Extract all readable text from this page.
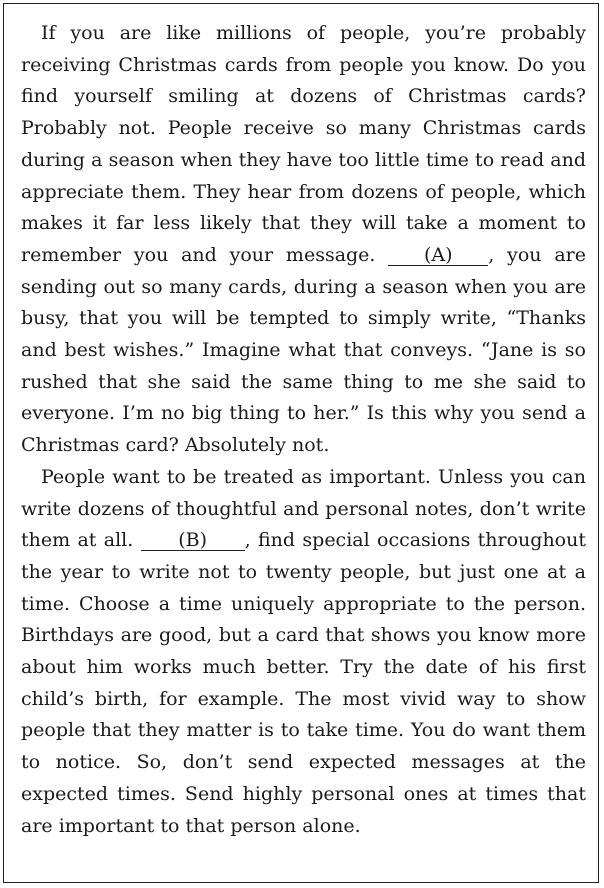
If you are like millions of people, you’re probably receiving Christmas cards from people you know. Do you find yourself smiling at dozens of Christmas cards? Probably not. People receive so many Christmas cards during a season when they have too little time to read and appreciate them. They hear from dozens of people, which makes it far less likely that they will take a moment to remember you and your message.	(A) , you are sending out so many cards, during a season when you are busy, that you will be tempted to simply write, “Thanks and best wishes.” Imagine what that conveys. “Jane is so rushed that she said the same thing to me she said to everyone. I’m no big thing to her.” Is this why you send a Christmas card? Absolutely not.

People want to be treated as important. Unless you can write dozens of thoughtful and personal notes, don’t write them at all. (B) , find special occasions throughout the year to write not to twenty people, but just one at a time. Choose a time uniquely appropriate to the person. Birthdays are good, but a card that shows you know more about him works much better. Try the date of his first child’s birth, for example. The most vivid way to show people that they matter is to take time. You do want them to notice. So, don’t send expected messages at the expected times. Send highly personal ones at times that are important to that person alone.
